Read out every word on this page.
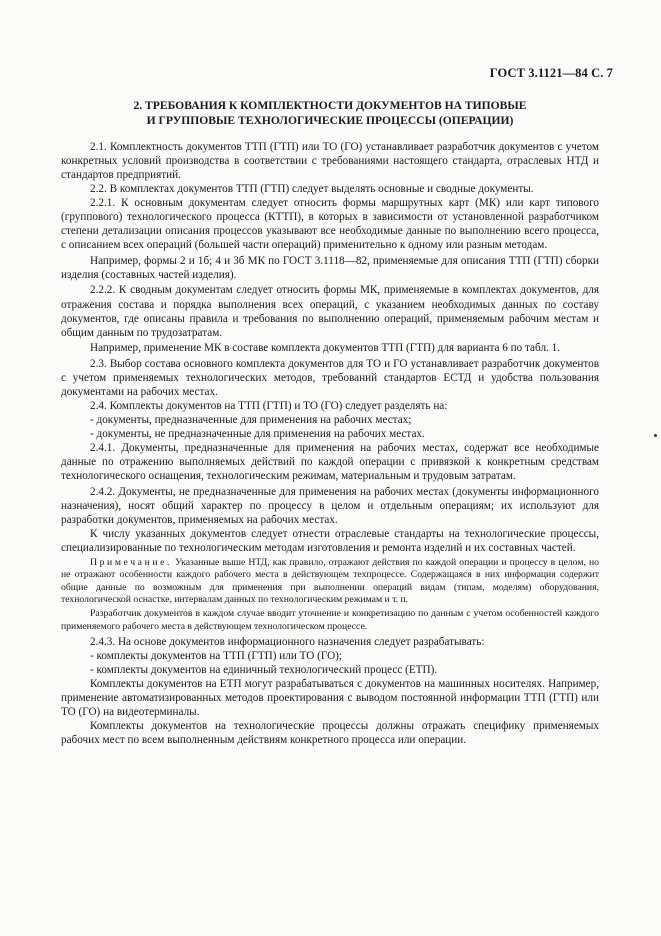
ГОСТ 3.1121—84 С. 7
2. ТРЕБОВАНИЯ К КОМПЛЕКТНОСТИ ДОКУМЕНТОВ НА ТИПОВЫЕ
И ГРУППОВЫЕ ТЕХНОЛОГИЧЕСКИЕ ПРОЦЕССЫ (ОПЕРАЦИИ)

2.1. Комплектность документов ТТП (ГТП) или ТО (ГО) устанавливает разработчик документов с учетом конкретных условий производства в соответствии с требованиями настоящего стандарта, отраслевых НТД и стандартов предприятий.

2.2. В комплектах документов ТТП (ГТП) следует выделять основные и сводные документы.

2.2.1. К основным документам следует относить формы маршрутных карт (МК) или карт типового (группового) технологического процесса (КТТП), в которых в зависимости от установленной разработчиком степени детализации описания процессов указывают все необходимые данные по выполнению всего процесса, с описанием всех операций (большей части операций) применительно к одному или разным методам.

Например, формы 2 и 1б; 4 и 3б МК по ГОСТ 3.1118—82, применяемые для описания ТТП (ГТП) сборки изделия (составных частей изделия).

2.2.2. К сводным документам следует относить формы МК, применяемые в комплектах документов, для отражения состава и порядка выполнения всех операций, с указанием необходимых данных по составу документов, где описаны правила и требования по выполнению операций, применяемым рабочим местам и общим данным по трудозатратам.

Например, применение МК в составе комплекта документов ТТП (ГТП) для варианта 6 по табл. 1.

2.3. Выбор состава основного комплекта документов для ТО и ГО устанавливает разработчик документов с учетом применяемых технологических методов, требований стандартов ЕСТД и удобства пользования документами на рабочих местах.

2.4. Комплекты документов на ТТП (ГТП) и ТО (ГО) следует разделять на:

- документы, предназначенные для применения на рабочих местах;

- документы, не предназначенные для применения на рабочих местах.

2.4.1. Документы, предназначенные для применения на рабочих местах, содержат все необходимые данные по отражению выполняемых действий по каждой операции с привязкой к конкретным средствам технологического оснащения, технологическим режимам, материальным и трудовым затратам.

2.4.2. Документы, не предназначенные для применения на рабочих местах (документы информационного назначения), носят общий характер по процессу в целом и отдельным операциям; их используют для разработки документов, применяемых на рабочих местах.

К числу указанных документов следует отнести отраслевые стандарты на технологические процессы, специализированные по технологическим методам изготовления и ремонта изделий и их составных частей.

Примечание. Указанные выше НТД, как правило, отражают действия по каждой операции и процессу в целом, но не отражают особенности каждого рабочего места в действующем техпроцессе. Содержащаяся в них информация содержит общие данные по возможным для применения при выполнении операций видам (типам, моделям) оборудования, технологической оснастке, интервалам данных по технологическим режимам и т. п.

Разработчик документов в каждом случае вводит уточнение и конкретизацию по данным с учетом особенностей каждого применяемого рабочего места в действующем технологическом процессе.

2.4.3. На основе документов информационного назначения следует разрабатывать:

- комплекты документов на ТТП (ГТП) или ТО (ГО);

- комплекты документов на единичный технологический процесс (ЕТП).

Комплекты документов на ЕТП могут разрабатываться с документов на машинных носителях. Например, применение автоматизированных методов проектирования с выводом постоянной информации ТТП (ГТП) или ТО (ГО) на видеотерминалы.

Комплекты документов на технологические процессы должны отражать специфику применяемых рабочих мест по всем выполненным действиям конкретного процесса или операции.
